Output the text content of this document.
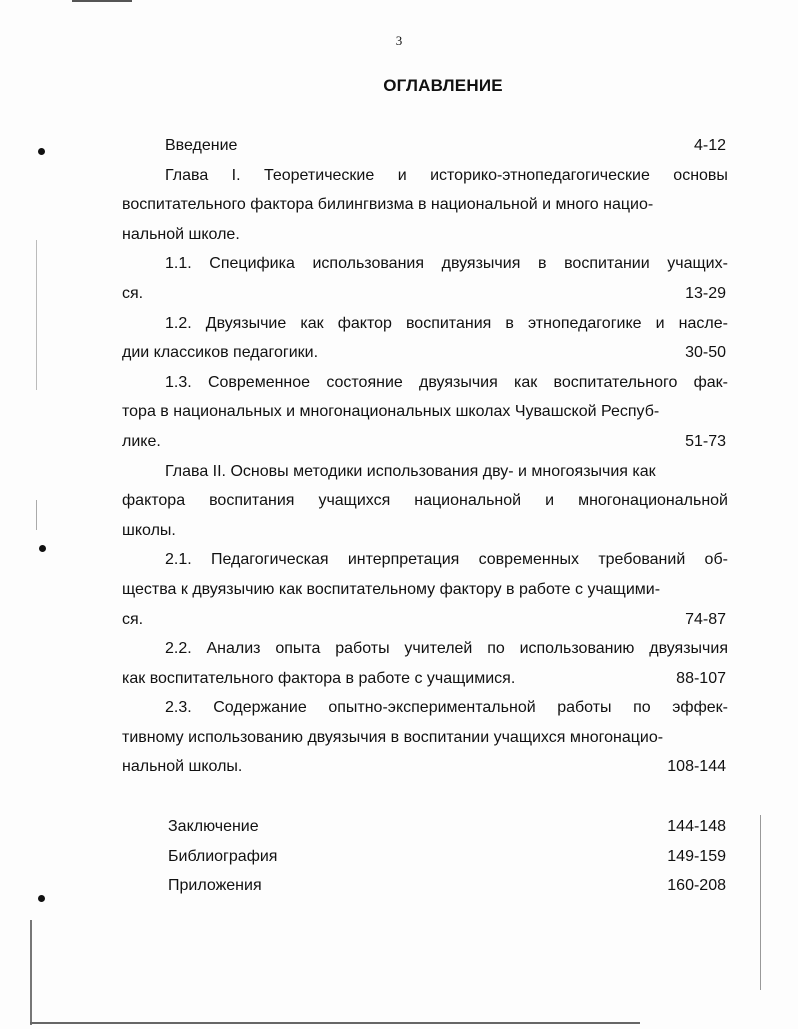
3
ОГЛАВЛЕНИЕ
Введение	4-12
Глава I. Теоретические и историко-этнопедагогические основы
воспитательного фактора билингвизма в национальной и много нацио-
нальной школе.
1.1. Специфика использования двуязычия в воспитании учащих-
ся.	13-29
1.2. Двуязычие как фактор воспитания в этнопедагогике и насле-
дии классиков педагогики.	30-50
1.3. Современное состояние двуязычия как воспитательного фак-
тора в национальных и многонациональных школах Чувашской Респуб-
лике.	51-73
Глава II. Основы методики использования дву- и многоязычия как
фактора воспитания учащихся национальной и многонациональной
школы.
2.1. Педагогическая интерпретация современных требований об-
щества к двуязычию как воспитательному фактору в работе с учащими-
ся.	74-87
2.2. Анализ опыта работы учителей по использованию двуязычия
как воспитательного фактора в работе с учащимися.	88-107
2.3. Содержание опытно-экспериментальной работы по эффек-
тивному использованию двуязычия в воспитании учащихся многонацио-
нальной школы.	108-144
Заключение	144-148
Библиография	149-159
Приложения	160-208
